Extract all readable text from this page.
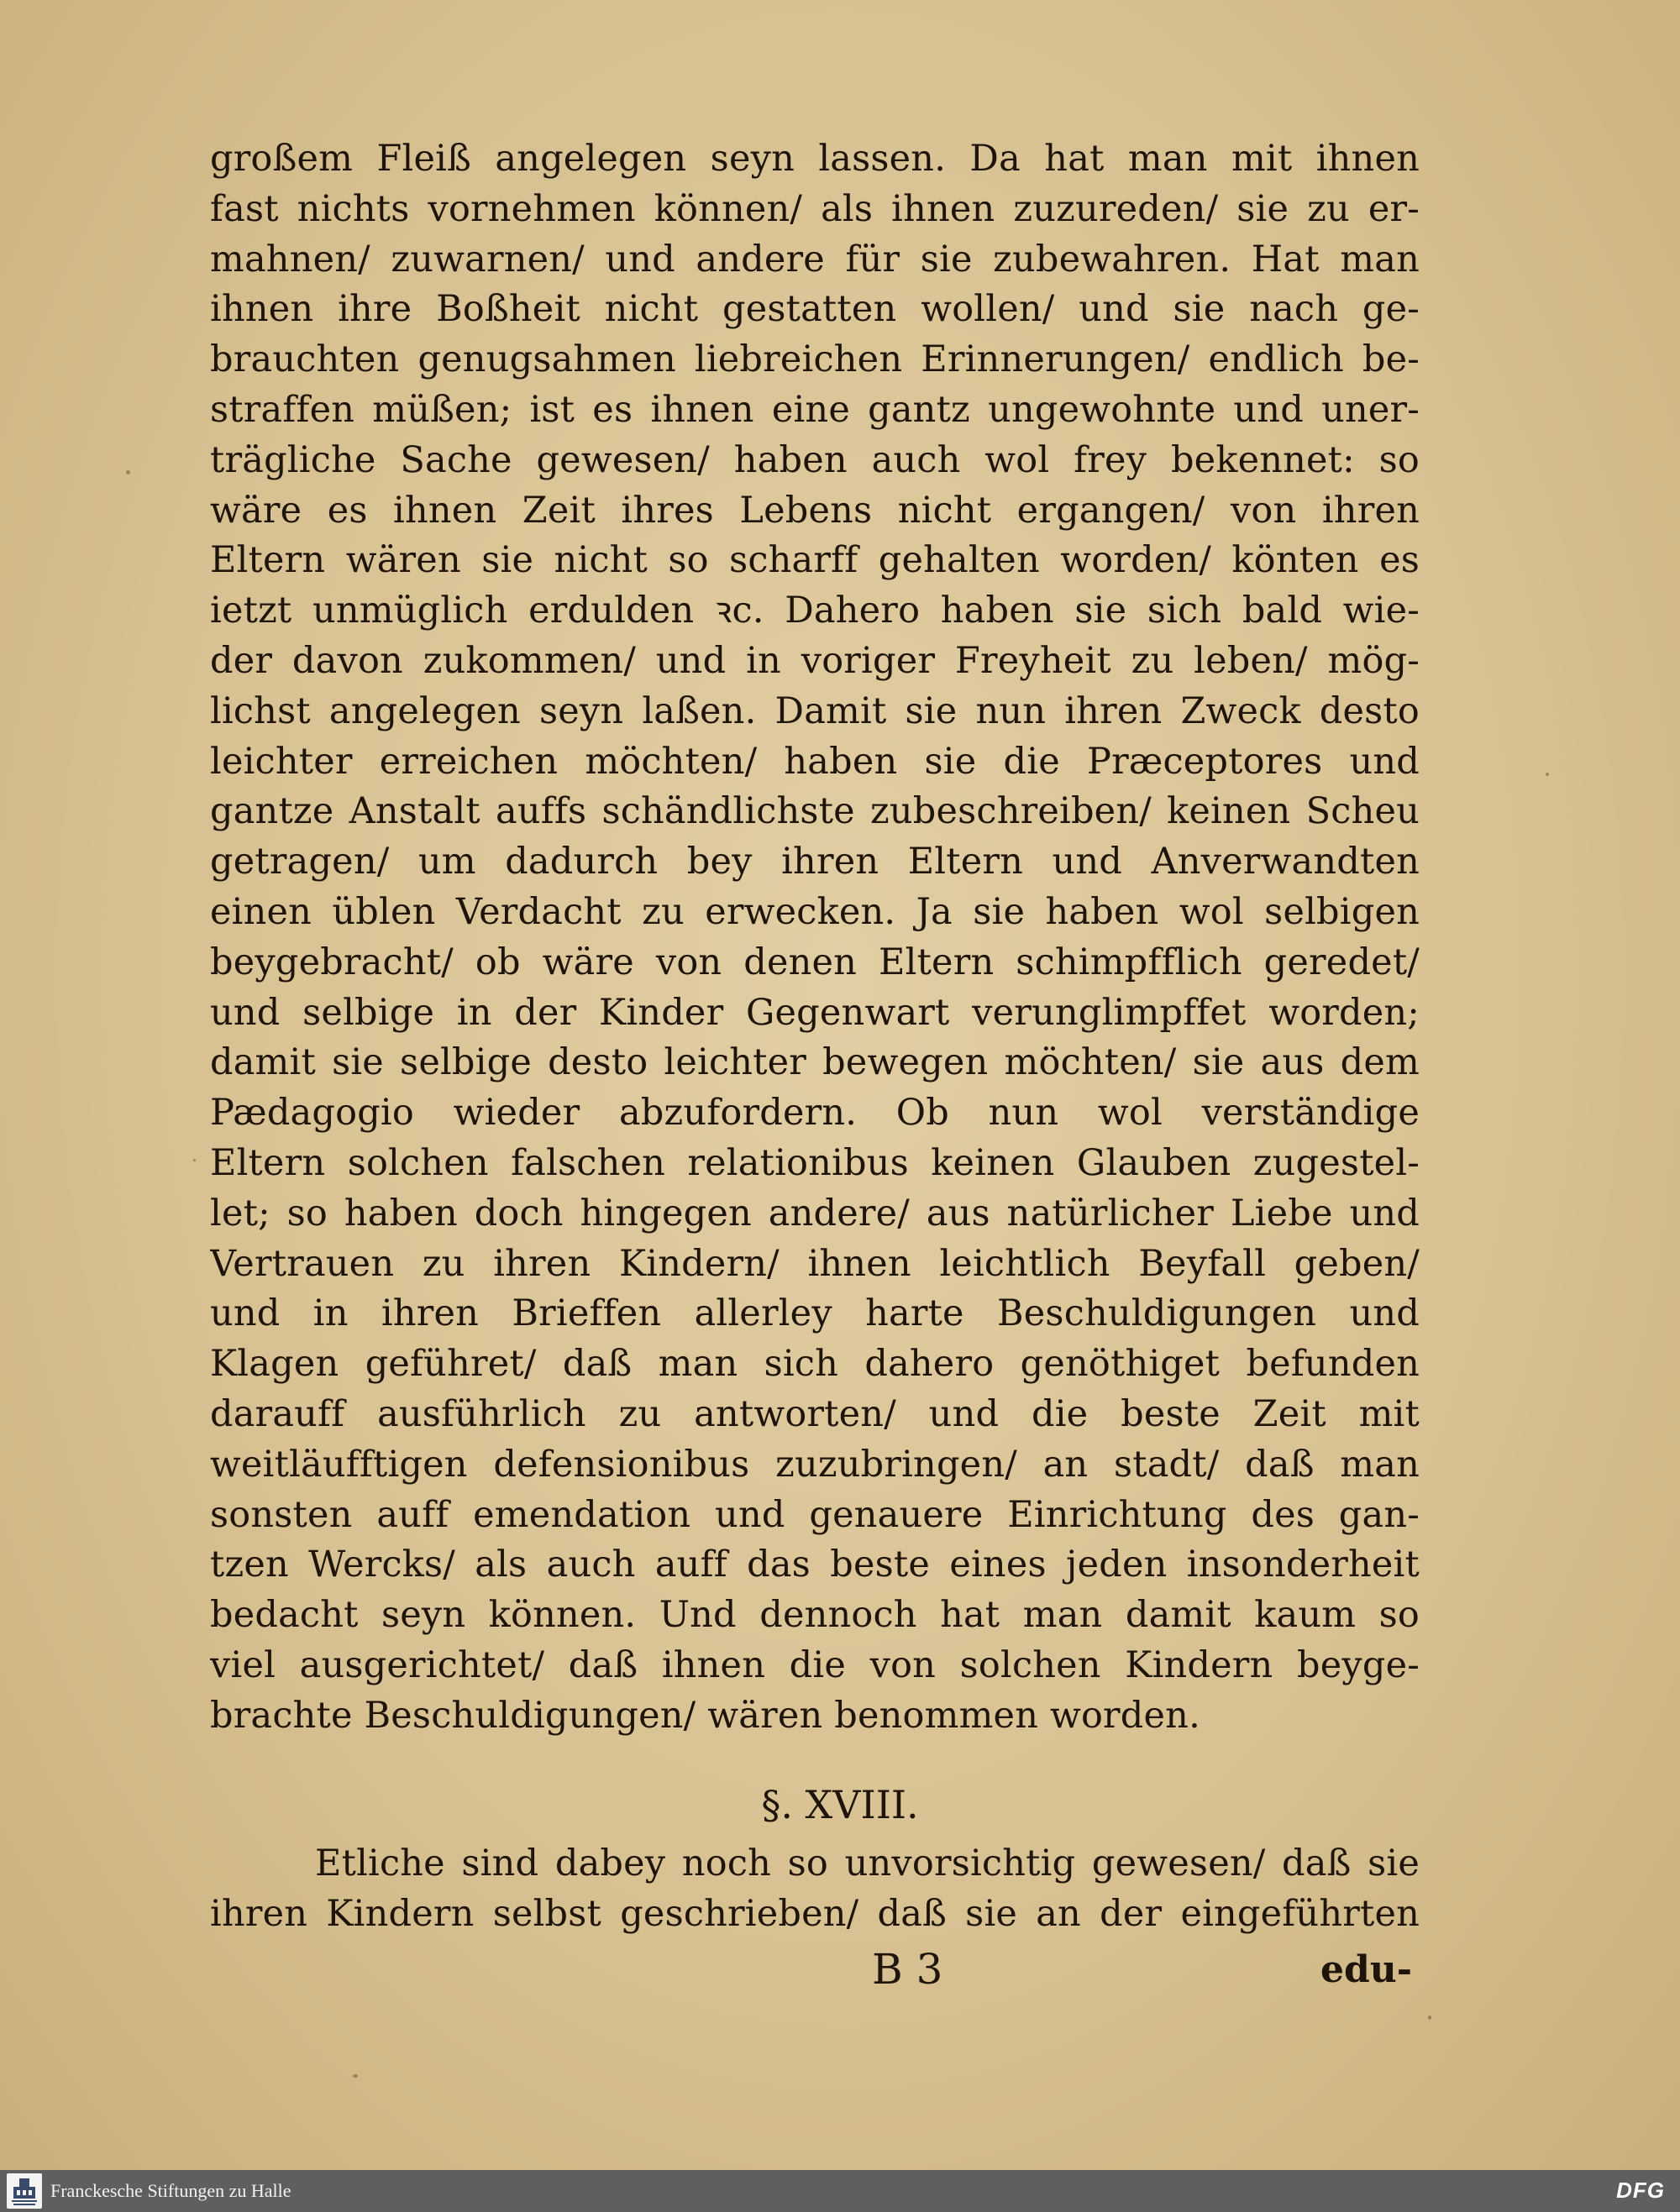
großem Fleiß angelegen seyn lassen. Da hat man mit ihnen
fast nichts vornehmen können/ als ihnen zuzureden/ sie zu er-
mahnen/ zuwarnen/ und andere für sie zubewahren. Hat man
ihnen ihre Boßheit nicht gestatten wollen/ und sie nach ge-
brauchten genugsahmen liebreichen Erinnerungen/ endlich be-
straffen müßen; ist es ihnen eine gantz ungewohnte und uner-
trägliche Sache gewesen/ haben auch wol frey bekennet: so
wäre es ihnen Zeit ihres Lebens nicht ergangen/ von ihren
Eltern wären sie nicht so scharff gehalten worden/ könten es
ietzt unmüglich erdulden ꝛc. Dahero haben sie sich bald wie-
der davon zukommen/ und in voriger Freyheit zu leben/ mög-
lichst angelegen seyn laßen. Damit sie nun ihren Zweck desto
leichter erreichen möchten/ haben sie die Præceptores und
gantze Anstalt auffs schändlichste zubeschreiben/ keinen Scheu
getragen/ um dadurch bey ihren Eltern und Anverwandten
einen üblen Verdacht zu erwecken. Ja sie haben wol selbigen
beygebracht/ ob wäre von denen Eltern schimpfflich geredet/
und selbige in der Kinder Gegenwart verunglimpffet worden;
damit sie selbige desto leichter bewegen möchten/ sie aus dem
Pædagogio wieder abzufordern. Ob nun wol verständige
Eltern solchen falschen relationibus keinen Glauben zugestel-
let; so haben doch hingegen andere/ aus natürlicher Liebe und
Vertrauen zu ihren Kindern/ ihnen leichtlich Beyfall geben/
und in ihren Brieffen allerley harte Beschuldigungen und
Klagen geführet/ daß man sich dahero genöthiget befunden
darauff ausführlich zu antworten/ und die beste Zeit mit
weitläufftigen defensionibus zuzubringen/ an stadt/ daß man
sonsten auff emendation und genauere Einrichtung des gan-
tzen Wercks/ als auch auff das beste eines jeden insonderheit
bedacht seyn können. Und dennoch hat man damit kaum so
viel ausgerichtet/ daß ihnen die von solchen Kindern beyge-
brachte Beschuldigungen/ wären benommen worden.
§. XVIII.
Etliche sind dabey noch so unvorsichtig gewesen/ daß sie
ihren Kindern selbst geschrieben/ daß sie an der eingeführten
B 3	edu-
Franckesche Stiftungen zu Halle	DFG
